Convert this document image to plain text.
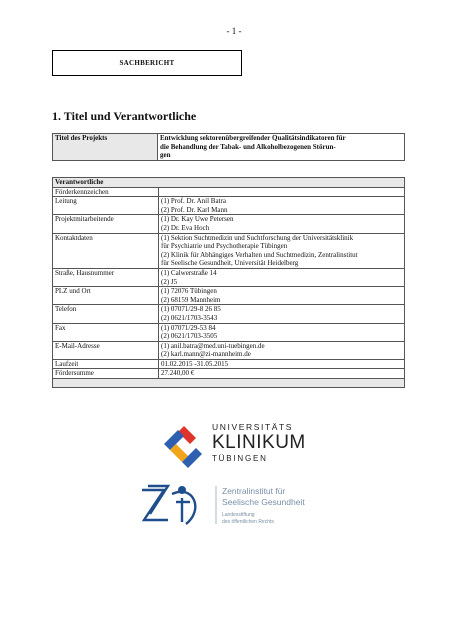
- 1 -
SACHBERICHT
1. Titel und Verantwortliche
Titel des Projekts	Entwicklung sektorenübergreifender Qualitätsindikatoren für
die Behandlung der Tabak- und Alkoholbezogenen Störun-
gen
Verantwortliche	
Förderkennzeichen	

Leitung	(1) Prof. Dr. Anil Batra
(2) Prof. Dr. Karl Mann

Projektmitarbeitende	(1) Dr. Kay Uwe Petersen
(2) Dr. Eva Hoch

Kontaktdaten	(1) Sektion Suchtmedizin und Suchtforschung der Universitätsklinik
für Psychiatrie und Psychotherapie Tübingen
(2) Klinik für Abhängiges Verhalten und Suchtmedizin, Zentralinstitut
für Seelische Gesundheit, Universität Heidelberg

Straße, Hausnummer	(1) Calwerstraße 14
(2) J5

PLZ und Ort	(1) 72076 Tübingen
(2) 68159 Mannheim

Telefon	(1) 07071/29-8 26 85
(2) 0621/1703-3543

Fax	(1) 07071/29-53 84
(2) 0621/1703-3505

E-Mail-Adresse	(1) anil.batra@med.uni-tuebingen.de
(2) karl.mann@zi-mannheim.de

Laufzeit	01.02.2015 -31.05.2015

Fördersumme	27.240,00 €

UNIVERSITÄTS
KLINIKUM
TÜBINGEN
Zentralinstitut für
Seelische Gesundheit
Landesstiftung
des öffentlichen Rechts
